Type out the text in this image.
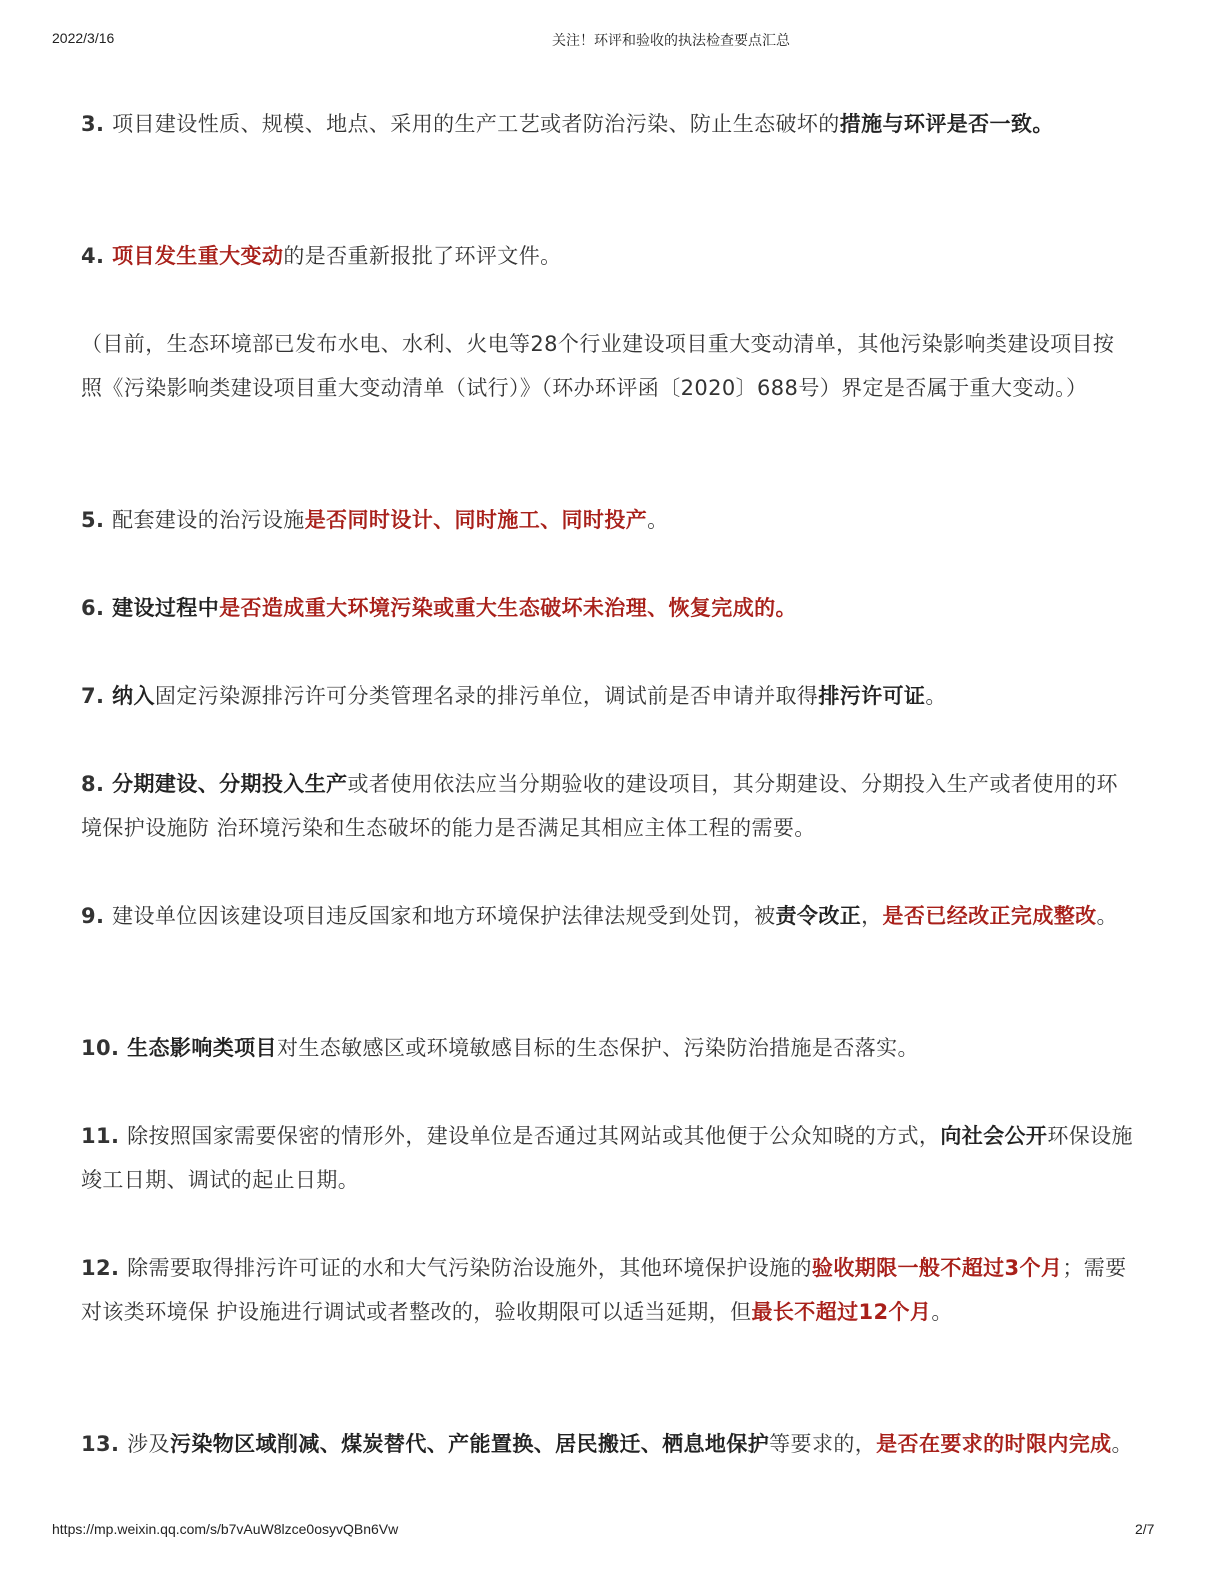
2022/3/16	关注！环评和验收的执法检查要点汇总

3. 项目建设性质、规模、地点、采用的生产工艺或者防治污染、防止生态破坏的措施与环评是否一致。

4. 项目发生重大变动的是否重新报批了环评文件。

（目前，生态环境部已发布水电、水利、火电等28个行业建设项目重大变动清单，其他污染影响类建设项目按照《污染影响类建设项目重大变动清单（试行）》（环办环评函〔2020〕688号）界定是否属于重大变动。）

5. 配套建设的治污设施是否同时设计、同时施工、同时投产。

6. 建设过程中是否造成重大环境污染或重大生态破坏未治理、恢复完成的。

7. 纳入固定污染源排污许可分类管理名录的排污单位，调试前是否申请并取得排污许可证。

8. 分期建设、分期投入生产或者使用依法应当分期验收的建设项目，其分期建设、分期投入生产或者使用的环境保护设施防 治环境污染和生态破坏的能力是否满足其相应主体工程的需要。

9. 建设单位因该建设项目违反国家和地方环境保护法律法规受到处罚，被责令改正，是否已经改正完成整改。

10. 生态影响类项目对生态敏感区或环境敏感目标的生态保护、污染防治措施是否落实。

11. 除按照国家需要保密的情形外，建设单位是否通过其网站或其他便于公众知晓的方式，向社会公开环保设施竣工日期、调试的起止日期。

12. 除需要取得排污许可证的水和大气污染防治设施外，其他环境保护设施的验收期限一般不超过3个月；需要对该类环境保 护设施进行调试或者整改的，验收期限可以适当延期，但最长不超过12个月。

13. 涉及污染物区域削减、煤炭替代、产能置换、居民搬迁、栖息地保护等要求的，是否在要求的时限内完成。

https://mp.weixin.qq.com/s/b7vAuW8lzce0osyvQBn6Vw	2/7
